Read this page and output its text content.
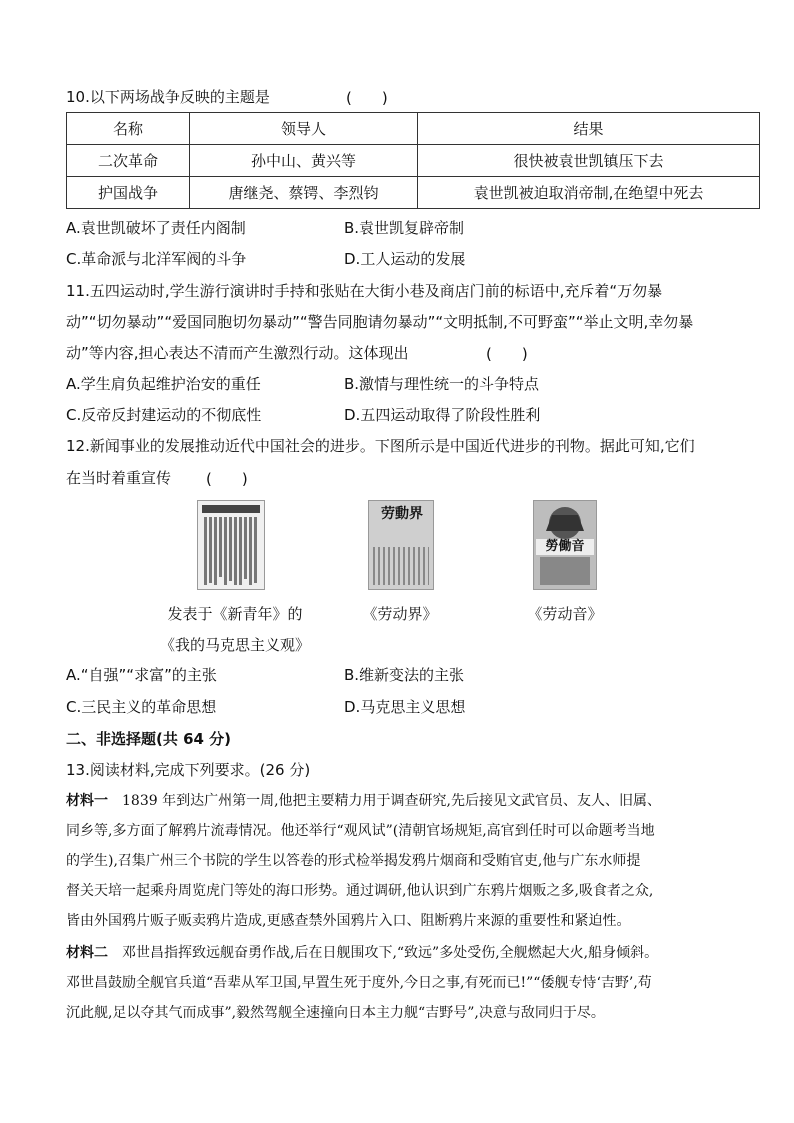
10.以下两场战争反映的主题是	(　　)
名称	领导人	结果
二次革命	孙中山、黄兴等	很快被袁世凯镇压下去
护国战争	唐继尧、蔡锷、李烈钧	袁世凯被迫取消帝制,在绝望中死去
A.袁世凯破坏了责任内阁制	B.袁世凯复辟帝制
C.革命派与北洋军阀的斗争	D.工人运动的发展
11.五四运动时,学生游行演讲时手持和张贴在大街小巷及商店门前的标语中,充斥着“万勿暴
动”“切勿暴动”“爱国同胞切勿暴动”“警告同胞请勿暴动”“文明抵制,不可野蛮”“举止文明,幸勿暴
动”等内容,担心表达不清而产生激烈行动。这体现出	(　　)
A.学生肩负起维护治安的重任	B.激情与理性统一的斗争特点
C.反帝反封建运动的不彻底性	D.五四运动取得了阶段性胜利
12.新闻事业的发展推动近代中国社会的进步。下图所示是中国近代进步的刊物。据此可知,它们
在当时着重宣传 (　　)
发表于《新青年》的
《我的马克思主义观》
劳動界
《劳动界》
勞働音
《劳动音》
A.“自强”“求富”的主张	B.维新变法的主张
C.三民主义的革命思想	D.马克思主义思想
二、非选择题(共 64 分)
13.阅读材料,完成下列要求。(26 分)
材料一　1839 年到达广州第一周,他把主要精力用于调查研究,先后接见文武官员、友人、旧属、
同乡等,多方面了解鸦片流毒情况。他还举行“观风试”(清朝官场规矩,高官到任时可以命题考当地
的学生),召集广州三个书院的学生以答卷的形式检举揭发鸦片烟商和受贿官吏,他与广东水师提
督关天培一起乘舟周览虎门等处的海口形势。通过调研,他认识到广东鸦片烟贩之多,吸食者之众,
皆由外国鸦片贩子贩卖鸦片造成,更感查禁外国鸦片入口、阻断鸦片来源的重要性和紧迫性。
材料二　邓世昌指挥致远舰奋勇作战,后在日舰围攻下,“致远”多处受伤,全舰燃起大火,船身倾斜。
邓世昌鼓励全舰官兵道“吾辈从军卫国,早置生死于度外,今日之事,有死而已!”“倭舰专恃‘吉野’,苟
沉此舰,足以夺其气而成事”,毅然驾舰全速撞向日本主力舰“吉野号”,决意与敌同归于尽。
